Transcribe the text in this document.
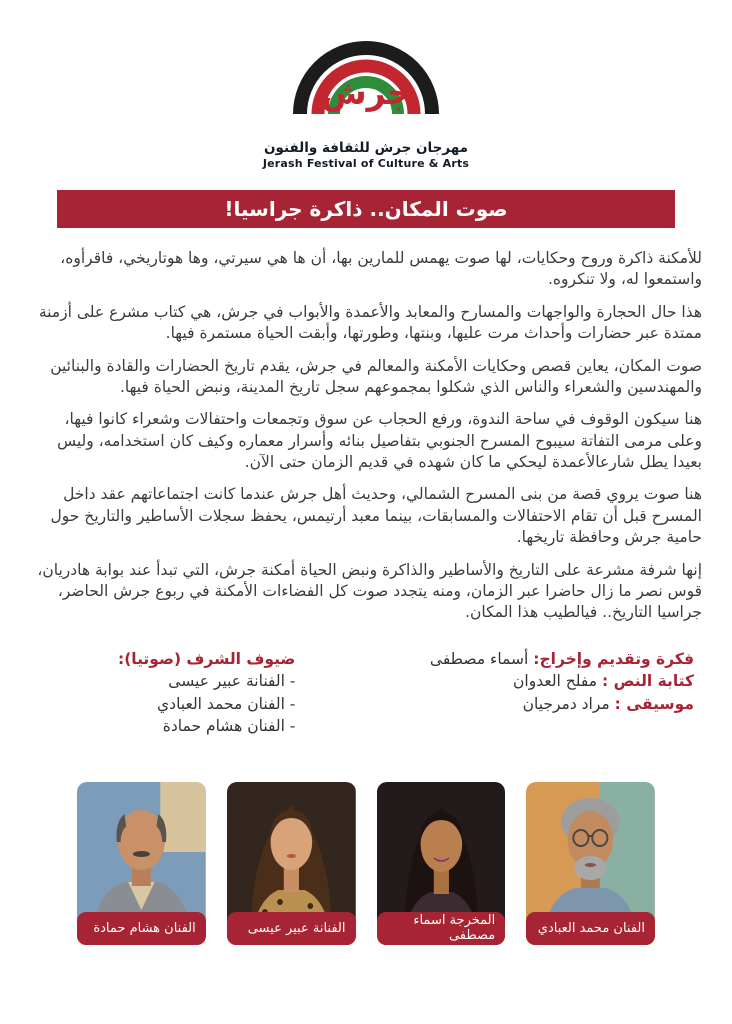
جرش
مهرجان جرش للثقافة والفنون
Jerash Festival of Culture & Arts
صوت المكان.. ذاكرة جراسيا!

للأمكنة ذاكرة وروح وحكايات، لها صوت يهمس للمارين بها، أن ها هي سيرتي، وها هوتاريخي، فاقرأوه، واستمعوا له، ولا تنكروه.

هذا حال الحجارة والواجهات والمسارح والمعابد والأعمدة والأبواب في جرش، هي كتاب مشرع على أزمنة ممتدة عبر حضارات وأحداث مرت عليها، وبنتها، وطورتها، وأبقت الحياة مستمرة فيها.

صوت المكان، يعاين قصص وحكايات الأمكنة والمعالم في جرش، يقدم تاريخ الحضارات والقادة والبنائين والمهندسين والشعراء والناس الذي شكلوا بمجموعهم سجل تاريخ المدينة، ونبض الحياة فيها.

هنا سيكون الوقوف في ساحة الندوة، ورفع الحجاب عن سوق وتجمعات واحتفالات وشعراء كانوا فيها، وعلى مرمى التفاتة سيبوح المسرح الجنوبي بتفاصيل بنائه وأسرار معماره وكيف كان استخدامه، وليس بعيدا يطل شارعالأعمدة ليحكي ما كان شهده في قديم الزمان حتى الآن.

هنا صوت يروي قصة من بنى المسرح الشمالي، وحديث أهل جرش عندما كانت اجتماعاتهم عقد داخل المسرح قبل أن تقام الاحتفالات والمسابقات، بينما معبد أرتيمس، يحفظ سجلات الأساطير والتاريخ حول حامية جرش وحافظة تاريخها.

إنها شرفة مشرعة على التاريخ والأساطير والذاكرة ونبض الحياة أمكنة جرش، التي تبدأ عند بوابة هادريان، قوس نصر ما زال حاضرا عبر الزمان، ومنه يتجدد صوت كل الفضاءات الأمكنة في ربوع جرش الحاضر، جراسيا التاريخ.. فيالطيب هذا المكان.

فكرة وتقديم وإخراج: أسماء مصطفى
كتابة النص : مفلح العدوان
موسيقى : مراد دمرجيان
ضيوف الشرف (صوتيا):
- الفنانة عبير عيسى
- الفنان محمد العبادي
- الفنان هشام حمادة
الفنان هشام حمادة	الفنانة عبير عيسى	المخرجة اسماء مصطفى	الفنان محمد العبادي
